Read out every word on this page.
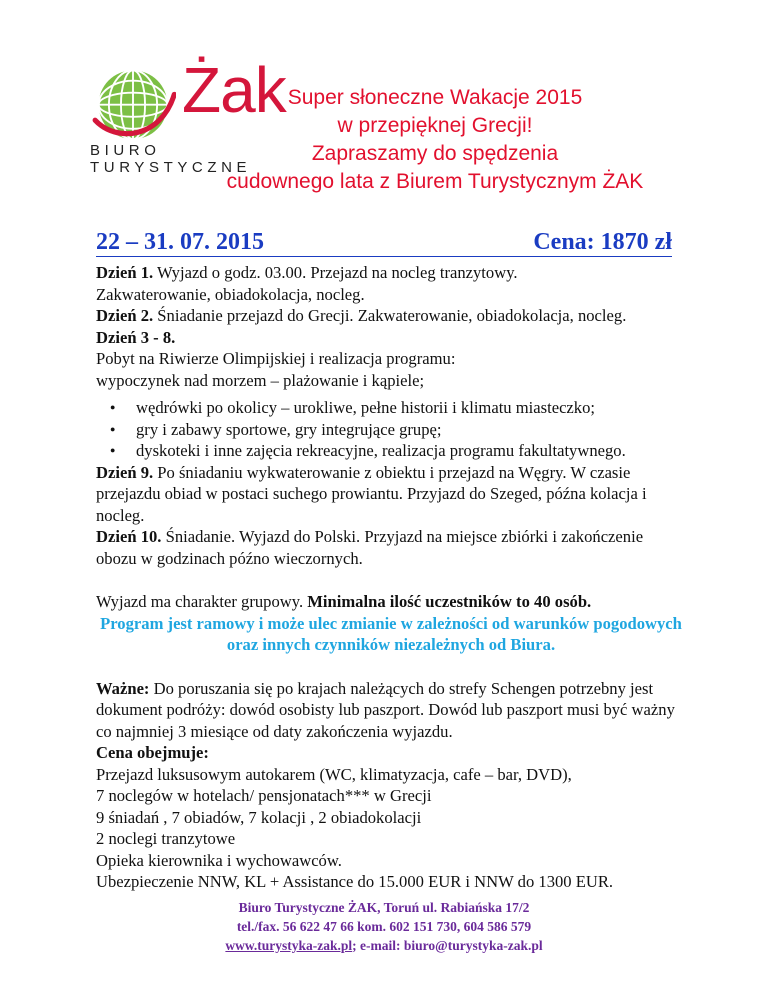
Żak
BIURO TURYSTYCZNE
Super słoneczne Wakacje 2015
w przepięknej Grecji!
Zapraszamy do spędzenia
cudownego lata z Biurem Turystycznym ŻAK
22 – 31. 07. 2015	Cena: 1870 zł

Dzień 1. Wyjazd o godz. 03.00. Przejazd na nocleg tranzytowy.

Zakwaterowanie, obiadokolacja, nocleg.

Dzień 2. Śniadanie przejazd do Grecji. Zakwaterowanie, obiadokolacja, nocleg.

Dzień 3 - 8.

Pobyt na Riwierze Olimpijskiej i realizacja programu:

wypoczynek nad morzem – plażowanie i kąpiele;

● wędrówki po okolicy – urokliwe, pełne historii i klimatu miasteczko;
● gry i zabawy sportowe, gry integrujące grupę;
● dyskoteki i inne zajęcia rekreacyjne, realizacja programu fakultatywnego.

Dzień 9. Po śniadaniu wykwaterowanie z obiektu i przejazd na Węgry. W czasie przejazdu obiad w postaci suchego prowiantu. Przyjazd do Szeged, późna kolacja i nocleg.

Dzień 10. Śniadanie. Wyjazd do Polski. Przyjazd na miejsce zbiórki i zakończenie obozu w godzinach późno wieczornych.

Wyjazd ma charakter grupowy. Minimalna ilość uczestników to 40 osób.

Program jest ramowy i może ulec zmianie w zależności od warunków pogodowych oraz innych czynników niezależnych od Biura.

Ważne: Do poruszania się po krajach należących do strefy Schengen potrzebny jest dokument podróży: dowód osobisty lub paszport. Dowód lub paszport musi być ważny co najmniej 3 miesiące od daty zakończenia wyjazdu.

Cena obejmuje:

Przejazd luksusowym autokarem (WC, klimatyzacja, cafe – bar, DVD),

7 noclegów w hotelach/ pensjonatach*** w Grecji

9 śniadań , 7 obiadów, 7 kolacji , 2 obiadokolacji

2 noclegi tranzytowe

Opieka kierownika i wychowawców.

Ubezpieczenie NNW, KL + Assistance do 15.000 EUR i NNW do 1300 EUR.

Biuro Turystyczne ŻAK, Toruń ul. Rabiańska 17/2
tel./fax. 56 622 47 66 kom. 602 151 730, 604 586 579
www.turystyka-zak.pl; e-mail: biuro@turystyka-zak.pl
